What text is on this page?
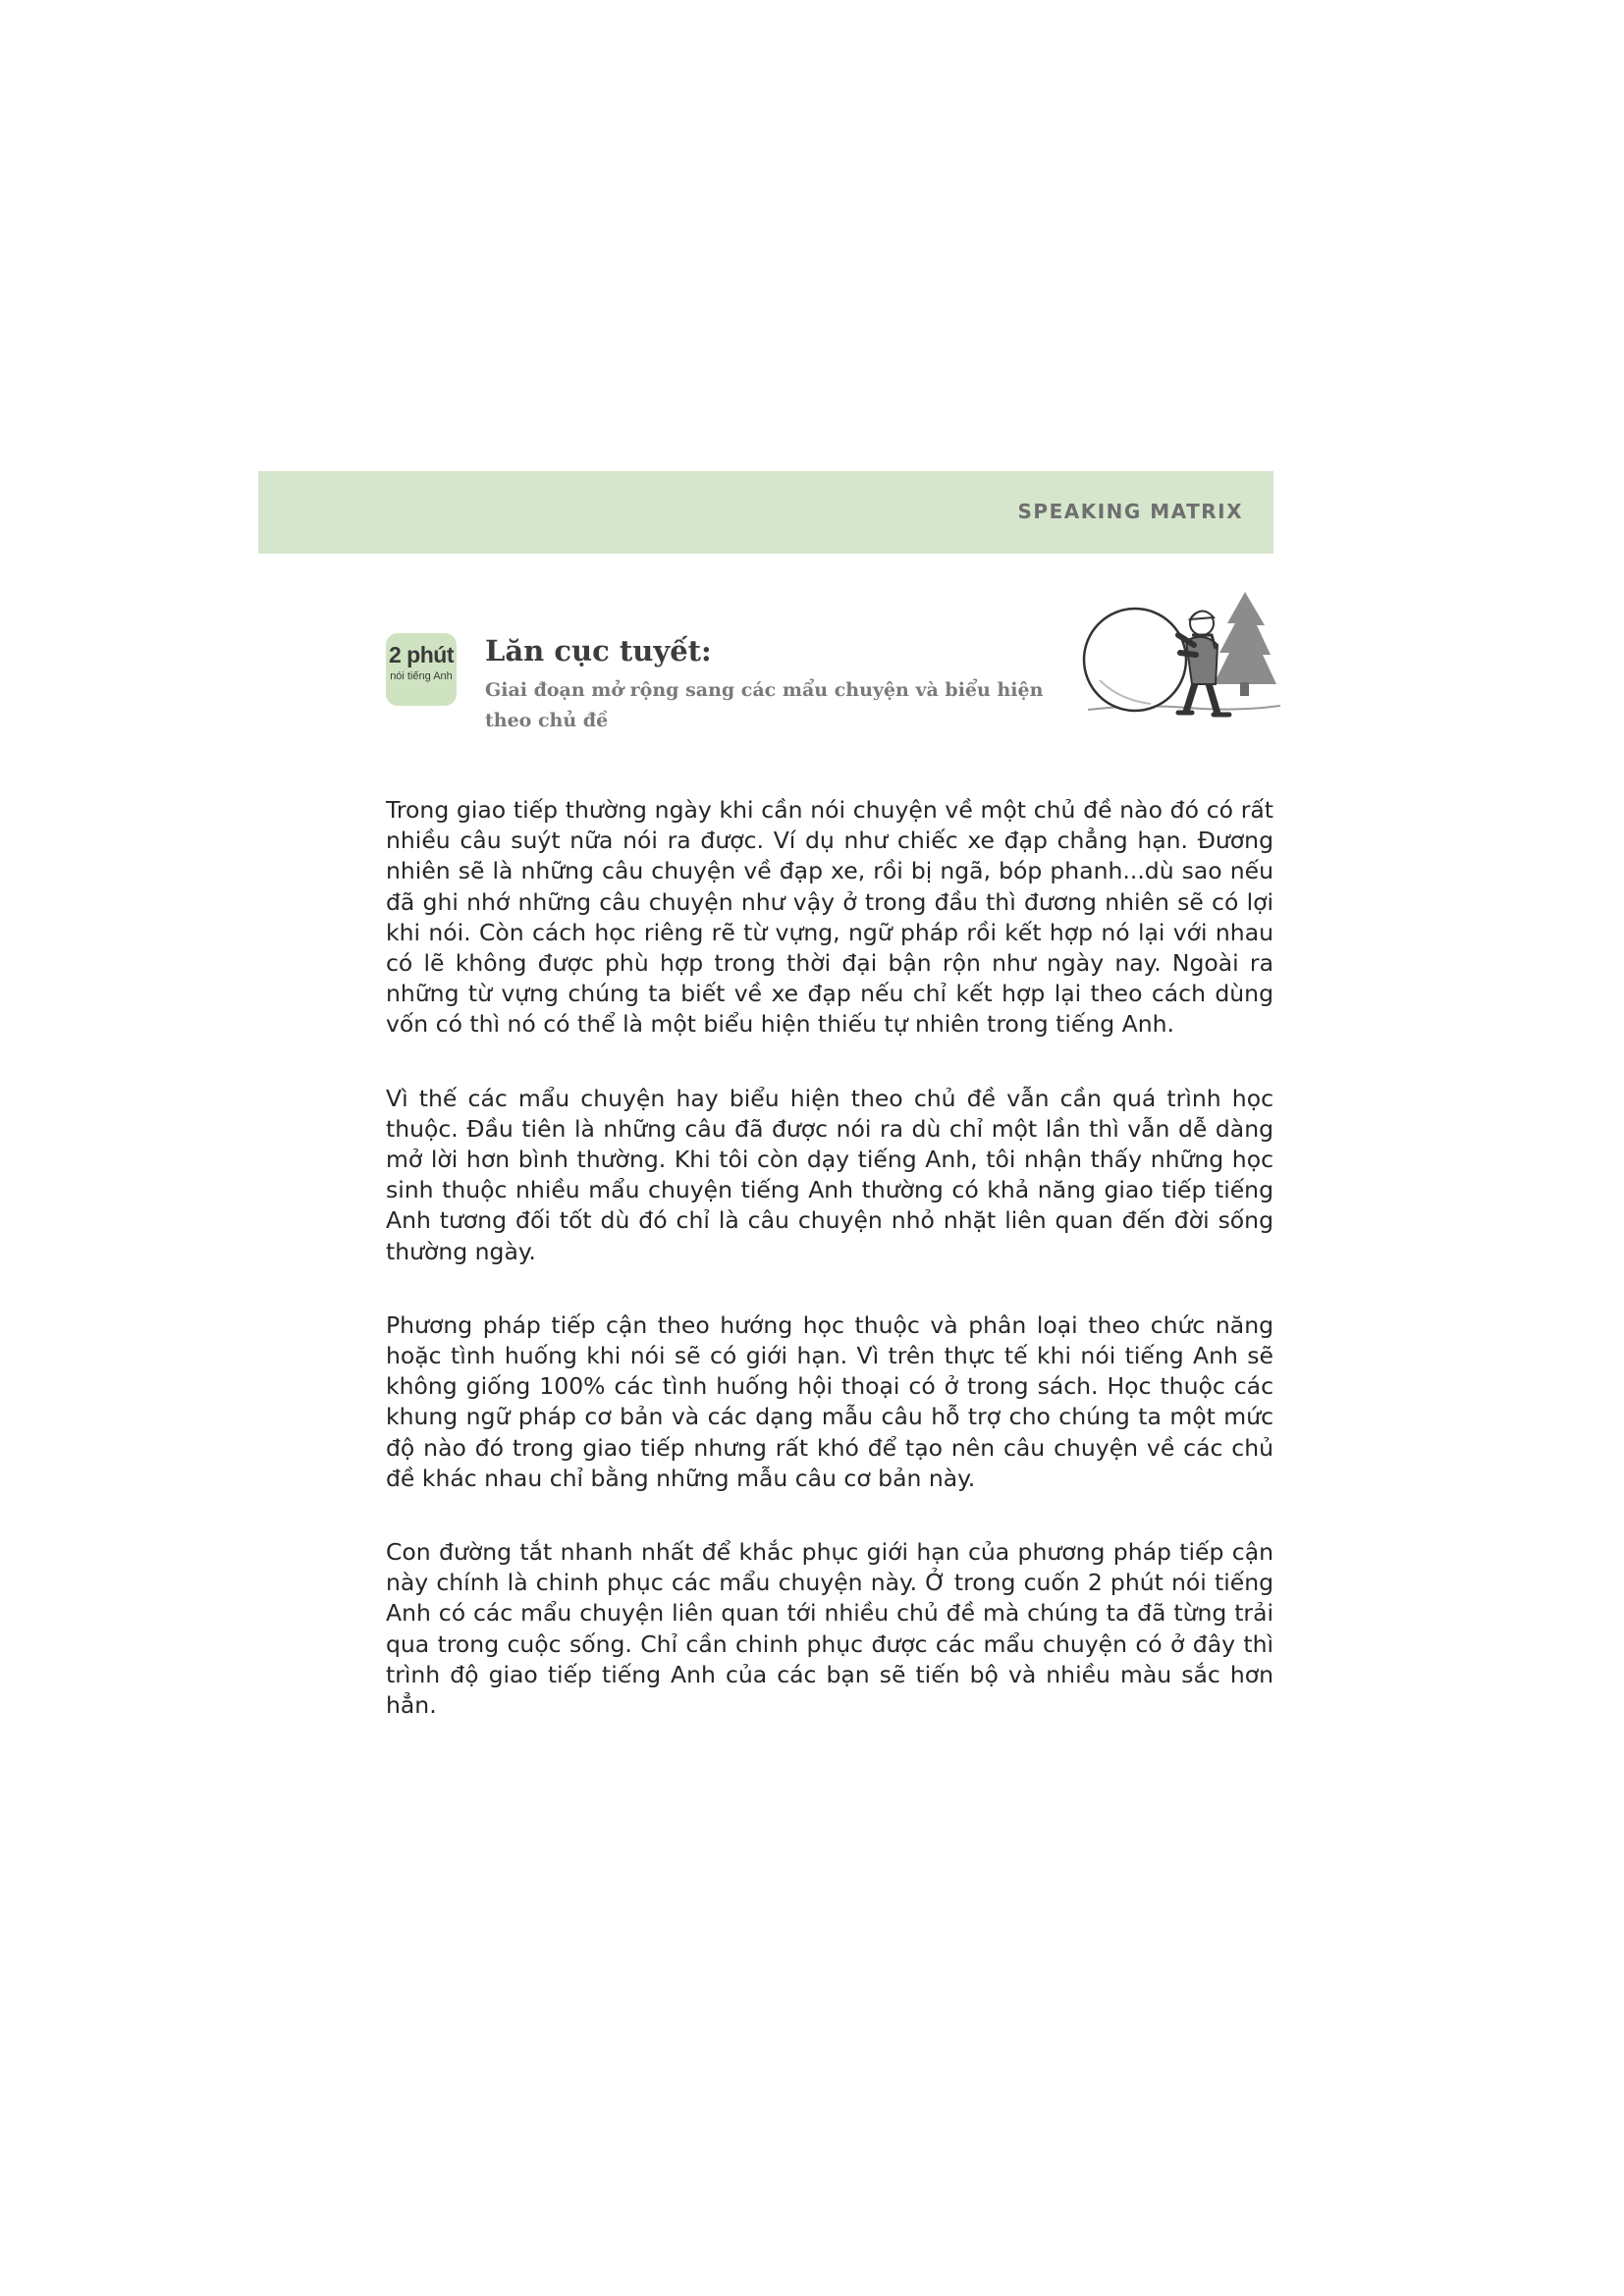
SPEAKING MATRIX
2 phút
nói tiếng Anh
Lăn cục tuyết:
Giai đoạn mở rộng sang các mẩu chuyện và biểu hiện theo chủ đề

Trong giao tiếp thường ngày khi cần nói chuyện về một chủ đề nào đó có rất nhiều câu suýt nữa nói ra được. Ví dụ như chiếc xe đạp chẳng hạn. Đương nhiên sẽ là những câu chuyện về đạp xe, rồi bị ngã, bóp phanh...dù sao nếu đã ghi nhớ những câu chuyện như vậy ở trong đầu thì đương nhiên sẽ có lợi khi nói. Còn cách học riêng rẽ từ vựng, ngữ pháp rồi kết hợp nó lại với nhau có lẽ không được phù hợp trong thời đại bận rộn như ngày nay. Ngoài ra những từ vựng chúng ta biết về xe đạp nếu chỉ kết hợp lại theo cách dùng vốn có thì nó có thể là một biểu hiện thiếu tự nhiên trong tiếng Anh.

Vì thế các mẩu chuyện hay biểu hiện theo chủ đề vẫn cần quá trình học thuộc. Đầu tiên là những câu đã được nói ra dù chỉ một lần thì vẫn dễ dàng mở lời hơn bình thường. Khi tôi còn dạy tiếng Anh, tôi nhận thấy những học sinh thuộc nhiều mẩu chuyện tiếng Anh thường có khả năng giao tiếp tiếng Anh tương đối tốt dù đó chỉ là câu chuyện nhỏ nhặt liên quan đến đời sống thường ngày.

Phương pháp tiếp cận theo hướng học thuộc và phân loại theo chức năng hoặc tình huống khi nói sẽ có giới hạn. Vì trên thực tế khi nói tiếng Anh sẽ không giống 100% các tình huống hội thoại có ở trong sách. Học thuộc các khung ngữ pháp cơ bản và các dạng mẫu câu hỗ trợ cho chúng ta một mức độ nào đó trong giao tiếp nhưng rất khó để tạo nên câu chuyện về các chủ đề khác nhau chỉ bằng những mẫu câu cơ bản này.

Con đường tắt nhanh nhất để khắc phục giới hạn của phương pháp tiếp cận này chính là chinh phục các mẩu chuyện này. Ở trong cuốn 2 phút nói tiếng Anh có các mẩu chuyện liên quan tới nhiều chủ đề mà chúng ta đã từng trải qua trong cuộc sống. Chỉ cần chinh phục được các mẩu chuyện có ở đây thì trình độ giao tiếp tiếng Anh của các bạn sẽ tiến bộ và nhiều màu sắc hơn hẳn.
